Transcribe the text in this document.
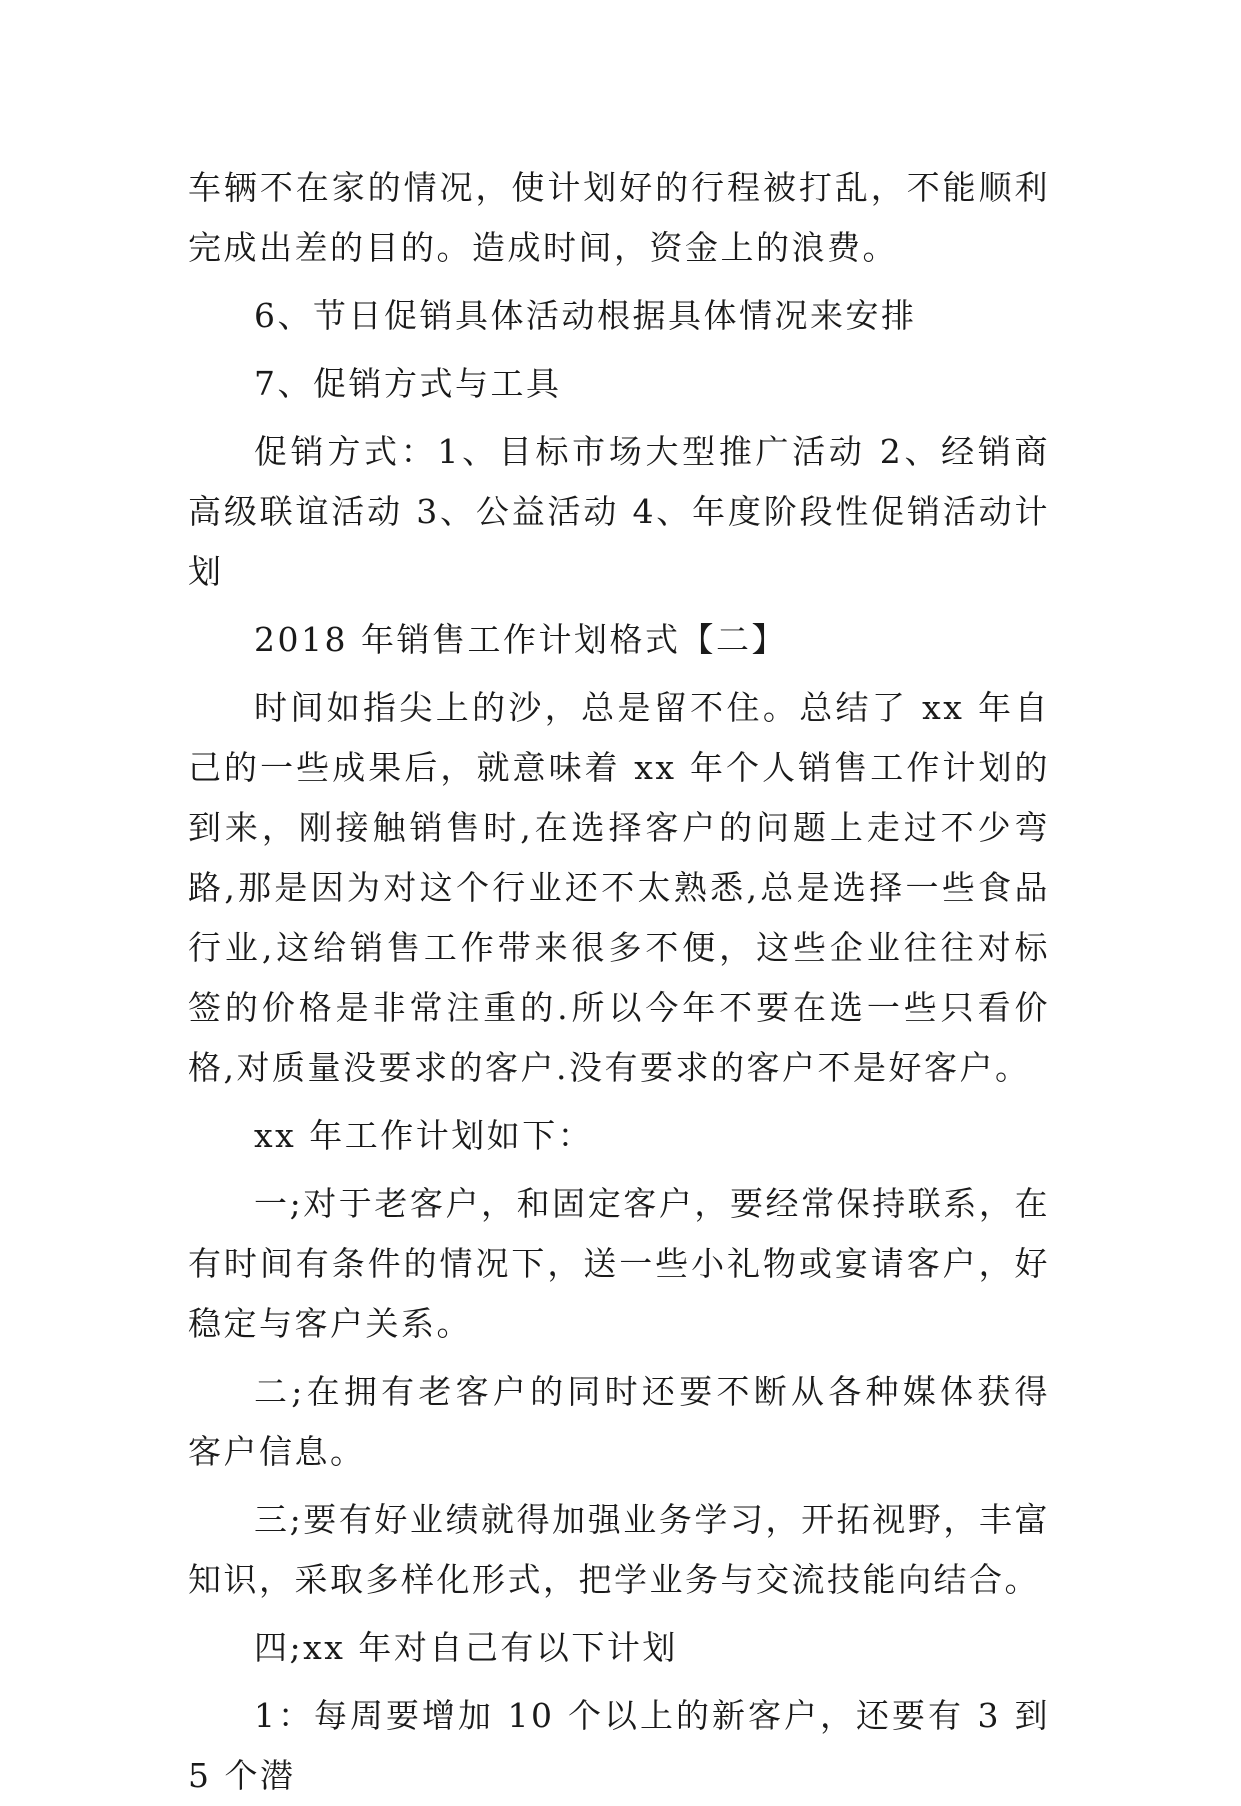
车辆不在家的情况，使计划好的行程被打乱，不能顺利完成出差的目的。造成时间，资金上的浪费。

6、节日促销具体活动根据具体情况来安排

7、促销方式与工具

促销方式：1、目标市场大型推广活动 2、经销商高级联谊活动 3、公益活动 4、年度阶段性促销活动计划

2018 年销售工作计划格式【二】

时间如指尖上的沙，总是留不住。总结了 xx 年自己的一些成果后，就意味着 xx 年个人销售工作计划的到来，刚接触销售时,在选择客户的问题上走过不少弯路,那是因为对这个行业还不太熟悉,总是选择一些食品行业,这给销售工作带来很多不便，这些企业往往对标签的价格是非常注重的.所以今年不要在选一些只看价格,对质量没要求的客户.没有要求的客户不是好客户。

xx 年工作计划如下：

一;对于老客户，和固定客户，要经常保持联系，在有时间有条件的情况下，送一些小礼物或宴请客户，好稳定与客户关系。

二;在拥有老客户的同时还要不断从各种媒体获得 客户信息。

三;要有好业绩就得加强业务学习，开拓视野，丰富知识，采取多样化形式，把学业务与交流技能向结合。

四;xx 年对自己有以下计划

1：每周要增加 10 个以上的新客户，还要有 3 到 5 个潜
